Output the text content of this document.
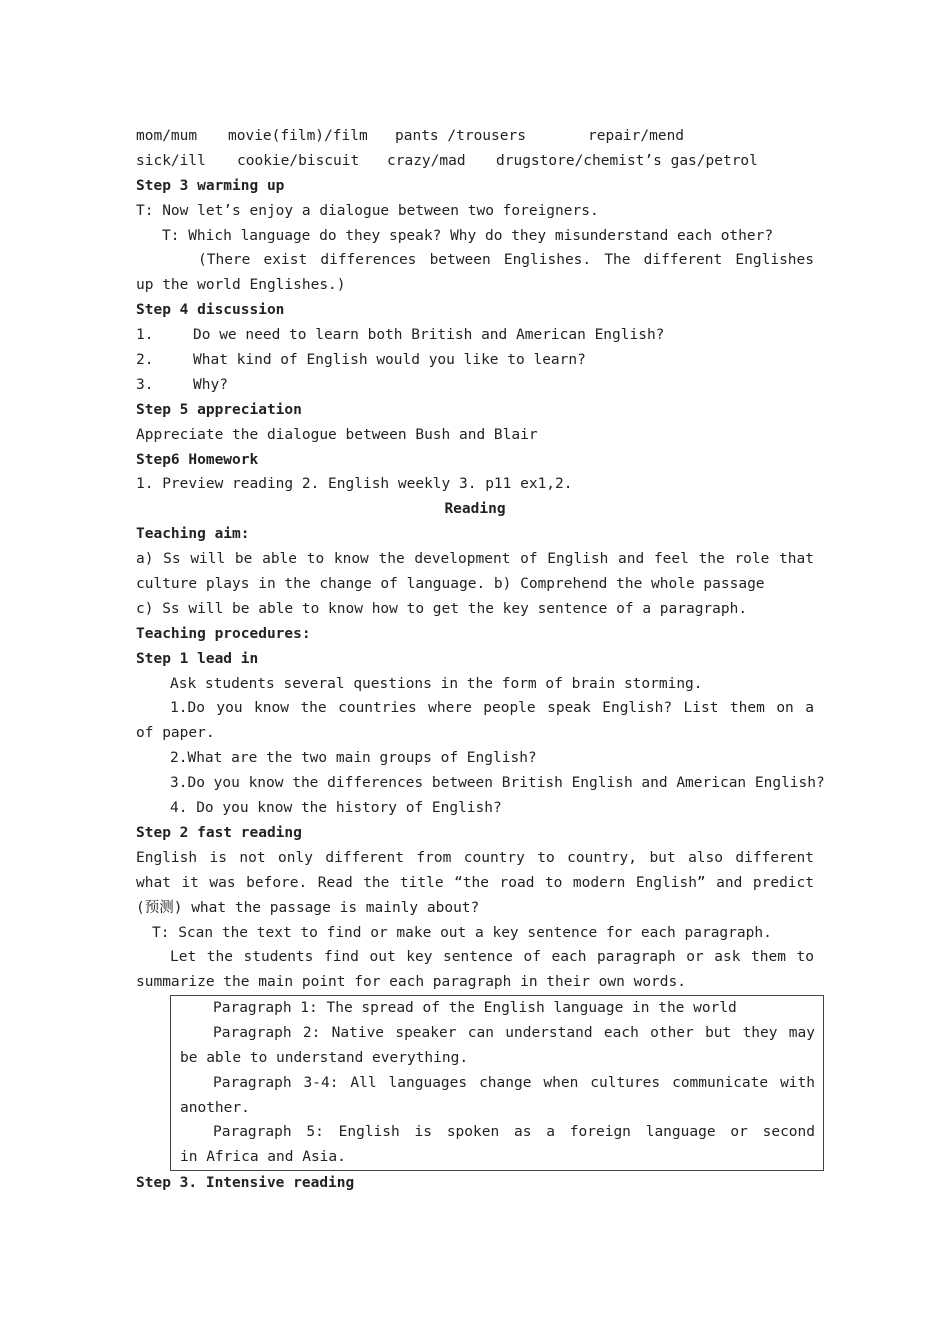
mom/mum movie(film)/film pants /trousers	repair/mend
sick/ill cookie/biscuit crazy/mad drugstore/chemist’s gas/petrol
Step 3 warming up
T: Now let’s enjoy a dialogue between two foreigners.
T: Which language do they speak? Why do they misunderstand each other?
(There exist differences between Englishes. The different Englishes
up the world Englishes.)
Step 4 discussion
1.	Do we need to learn both British and American English?
2.	What kind of English would you like to learn?
3.	Why?
Step 5 appreciation
Appreciate the dialogue between Bush and Blair
Step6 Homework
1. Preview reading 2. English weekly 3. p11 ex1,2.
Reading
Teaching aim:
a) Ss will be able to know the development of English and feel the role that
culture plays in the change of language. b) Comprehend the whole passage
c) Ss will be able to know how to get the key sentence of a paragraph.
Teaching procedures:
Step 1 lead in
Ask students several questions in the form of brain storming.
1.Do you know the countries where people speak English? List them on a
of paper.
2.What are the two main groups of English?
3.Do you know the differences between British English and American English?
4. Do you know the history of English?
Step 2 fast reading
English is not only different from country to country, but also different
what it was before. Read the title “the road to modern English” and predict
(预测) what the passage is mainly about?
T: Scan the text to find or make out a key sentence for each paragraph.
Let the students find out key sentence of each paragraph or ask them to
summarize the main point for each paragraph in their own words.
Paragraph 1: The spread of the English language in the world
Paragraph 2: Native speaker can understand each other but they may
be able to understand everything.
Paragraph 3-4: All languages change when cultures communicate with
another.
Paragraph 5: English is spoken as a foreign language or second
in Africa and Asia.
Step 3. Intensive reading
